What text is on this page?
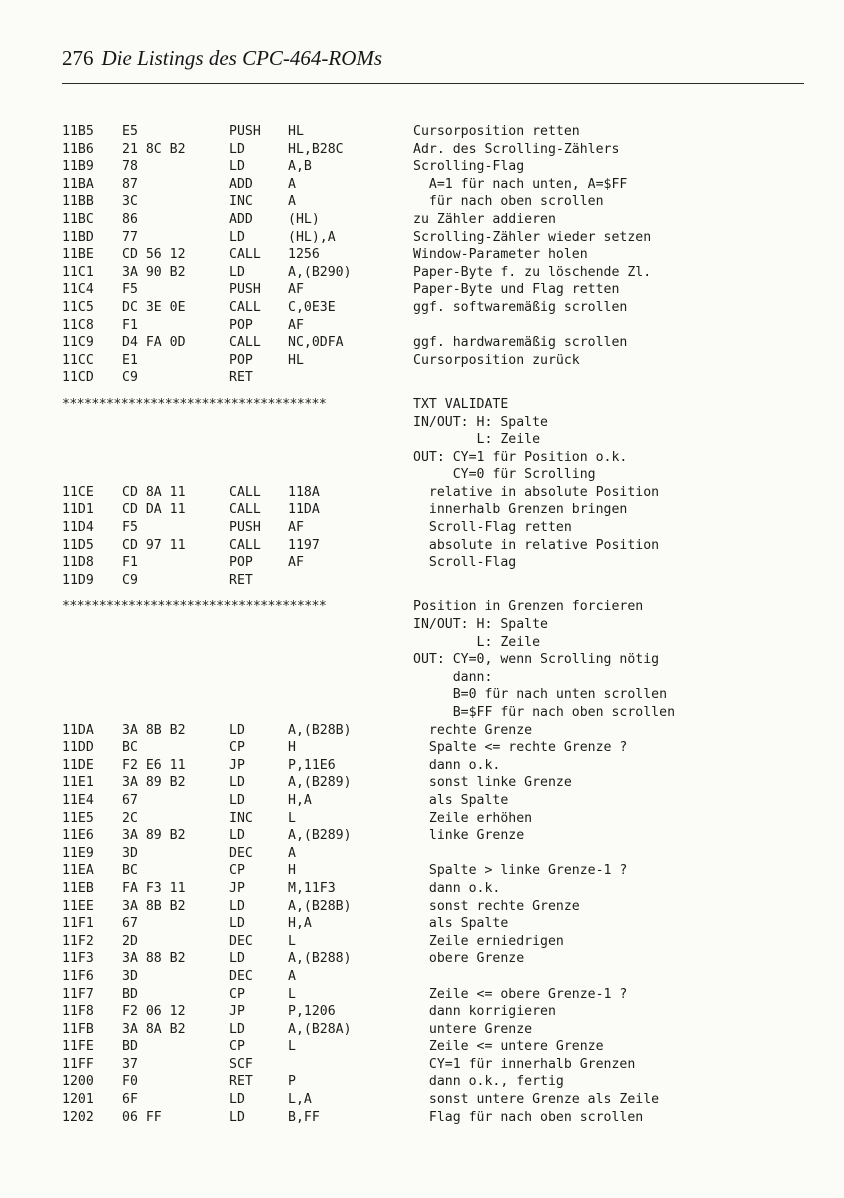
276 Die Listings des CPC-464-ROMs
11B5 E5	PUSH HL	Cursorposition retten
11B6 21 8C B2	LD	HL,B28C	Adr. des Scrolling-Zählers
11B9 78	LD	A,B	Scrolling-Flag
11BA 87	ADD	A	A=1 für nach unten, A=$FF
11BB 3C	INC	A	für nach oben scrollen
11BC 86	ADD	(HL)	zu Zähler addieren
11BD 77	LD	(HL),A	Scrolling-Zähler wieder setzen
11BE CD 56 12	CALL 1256	Window-Parameter holen
11C1 3A 90 B2	LD	A,(B290)	Paper-Byte f. zu löschende Zl.
11C4 F5	PUSH AF	Paper-Byte und Flag retten
11C5 DC 3E 0E	CALL C,0E3E	ggf. softwaremäßig scrollen
11C8 F1	POP	AF
11C9 D4 FA 0D	CALL NC,0DFA	ggf. hardwaremäßig scrollen
11CC E1	POP	HL	Cursorposition zurück
11CD C9	RET
************************************	TXT VALIDATE
IN/OUT: H: Spalte
L: Zeile
OUT: CY=1 für Position o.k.
CY=0 für Scrolling
11CE CD 8A 11	CALL 118A	relative in absolute Position
11D1 CD DA 11	CALL 11DA	innerhalb Grenzen bringen
11D4 F5	PUSH AF	Scroll-Flag retten
11D5 CD 97 11	CALL 1197	absolute in relative Position
11D8 F1	POP	AF	Scroll-Flag
11D9 C9	RET
************************************	Position in Grenzen forcieren
IN/OUT: H: Spalte
L: Zeile
OUT: CY=0, wenn Scrolling nötig
dann:
B=0 für nach unten scrollen
B=$FF für nach oben scrollen
11DA 3A 8B B2	LD	A,(B28B)	rechte Grenze
11DD BC	CP	H	Spalte <= rechte Grenze ?
11DE F2 E6 11	JP	P,11E6	dann o.k.
11E1 3A 89 B2	LD	A,(B289)	sonst linke Grenze
11E4 67	LD	H,A	als Spalte
11E5 2C	INC	L	Zeile erhöhen
11E6 3A 89 B2	LD	A,(B289)	linke Grenze
11E9 3D	DEC	A
11EA BC	CP	H	Spalte > linke Grenze-1 ?
11EB FA F3 11	JP	M,11F3	dann o.k.
11EE 3A 8B B2	LD	A,(B28B)	sonst rechte Grenze
11F1 67	LD	H,A	als Spalte
11F2 2D	DEC	L	Zeile erniedrigen
11F3 3A 88 B2	LD	A,(B288)	obere Grenze
11F6 3D	DEC	A
11F7 BD	CP	L	Zeile <= obere Grenze-1 ?
11F8 F2 06 12	JP	P,1206	dann korrigieren
11FB 3A 8A B2	LD	A,(B28A)	untere Grenze
11FE BD	CP	L	Zeile <= untere Grenze
11FF 37	SCF	CY=1 für innerhalb Grenzen
1200 F0	RET	P	dann o.k., fertig
1201 6F	LD	L,A	sonst untere Grenze als Zeile
1202 06 FF	LD	B,FF	Flag für nach oben scrollen
